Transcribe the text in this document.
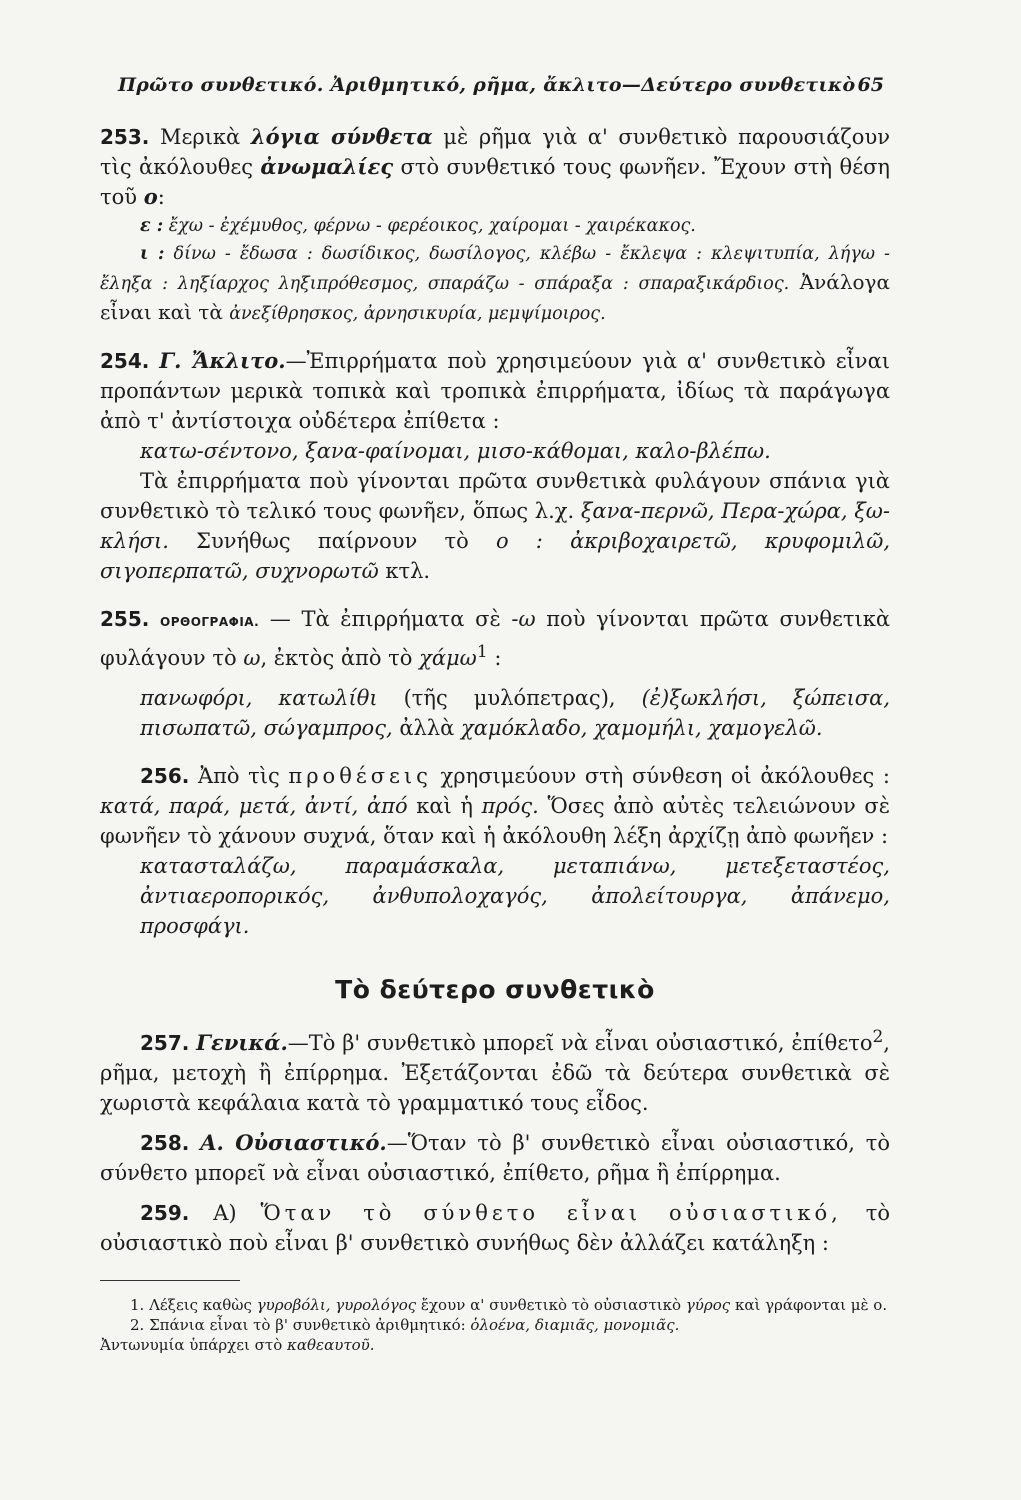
Πρῶτο συνθετικό. Ἀριθμητικό, ρῆμα, ἄκλιτο—Δεύτερο συνθετικὸ 65

253. Μερικὰ λόγια σύνθετα μὲ ρῆμα γιὰ α' συνθετικὸ παρουσιάζουν τὶς ἀκόλουθες ἀνωμαλίες στὸ συνθετικό τους φωνῆεν. Ἔχουν στὴ θέση τοῦ ο:

ε : ἔχω - ἐχέμυθος, φέρνω - φερέοικος, χαίρομαι - χαιρέκακος.

ι : δίνω - ἔδωσα : δωσίδικος, δωσίλογος, κλέβω - ἔκλεψα : κλεψιτυπία, λήγω - ἔληξα : ληξίαρχος ληξιπρόθεσμος, σπαράζω - σπάραξα : σπαραξικάρδιος. Ἀνάλογα εἶναι καὶ τὰ ἀνεξίθρησκος, ἀρνησικυρία, μεμψίμοιρος.

254. Γ. Ἄκλιτο.—Ἐπιρρήματα ποὺ χρησιμεύουν γιὰ α' συνθετικὸ εἶναι προπάντων μερικὰ τοπικὰ καὶ τροπικὰ ἐπιρρήματα, ἰδίως τὰ παράγωγα ἀπὸ τ' ἀντίστοιχα οὐδέτερα ἐπίθετα :

κατω-σέντονο, ξανα-φαίνομαι, μισο-κάθομαι, καλο-βλέπω.

Τὰ ἐπιρρήματα ποὺ γίνονται πρῶτα συνθετικὰ φυλάγουν σπάνια γιὰ συνθετικὸ τὸ τελικό τους φωνῆεν, ὅπως λ.χ. ξανα-περνῶ, Περα-χώρα, ξω-κλήσι. Συνήθως παίρνουν τὸ ο : ἀκριβοχαιρετῶ, κρυφομιλῶ, σιγοπερπατῶ, συχνορωτῶ κτλ.

255. ΟΡΘΟΓΡΑΦΙΑ. — Τὰ ἐπιρρήματα σὲ -ω ποὺ γίνονται πρῶτα συνθετικὰ φυλάγουν τὸ ω, ἐκτὸς ἀπὸ τὸ χάμω$^1$ :

πανωφόρι, κατωλίθι (τῆς μυλόπετρας), (ἐ)ξωκλήσι, ξώπεισα, πισωπατῶ, σώγαμπρος, ἀλλὰ χαμόκλαδο, χαμομήλι, χαμογελῶ.

256. Ἀπὸ τὶς προθέσεις χρησιμεύουν στὴ σύνθεση οἱ ἀκόλουθες : κατά, παρά, μετά, ἀντί, ἀπό καὶ ἡ πρός. Ὅσες ἀπὸ αὐτὲς τελειώνουν σὲ φωνῆεν τὸ χάνουν συχνά, ὅταν καὶ ἡ ἀκόλουθη λέξη ἀρχίζῃ ἀπὸ φωνῆεν :

κατασταλάζω, παραμάσκαλα, μεταπιάνω, μετεξεταστέος, ἀντιαεροπορικός, ἀνθυπολοχαγός, ἀπολείτουργα, ἀπάνεμο, προσφάγι.

Τὸ δεύτερο συνθετικὸ

257. Γενικά.—Τὸ β' συνθετικὸ μπορεῖ νὰ εἶναι οὐσιαστικό, ἐπίθετο$^2$, ρῆμα, μετοχὴ ἢ ἐπίρρημα. Ἐξετάζονται ἐδῶ τὰ δεύτερα συνθετικὰ σὲ χωριστὰ κεφάλαια κατὰ τὸ γραμματικό τους εἶδος.

258. Α. Οὐσιαστικό.—Ὅταν τὸ β' συνθετικὸ εἶναι οὐσιαστικό, τὸ σύνθετο μπορεῖ νὰ εἶναι οὐσιαστικό, ἐπίθετο, ρῆμα ἢ ἐπίρρημα.

259. Α) Ὅταν τὸ σύνθετο εἶναι οὐσιαστικό, τὸ οὐσιαστικὸ ποὺ εἶναι β' συνθετικὸ συνήθως δὲν ἀλλάζει κατάληξη :

1. Λέξεις καθὼς γυροβόλι, γυρολόγος ἔχουν α' συνθετικὸ τὸ οὐσιαστικὸ γύρος καὶ γράφονται μὲ ο.

2. Σπάνια εἶναι τὸ β' συνθετικὸ ἀριθμητικό: ὁλοένα, διαμιᾶς, μονομιᾶς.

Ἀντωνυμία ὑπάρχει στὸ καθεαυτοῦ.
